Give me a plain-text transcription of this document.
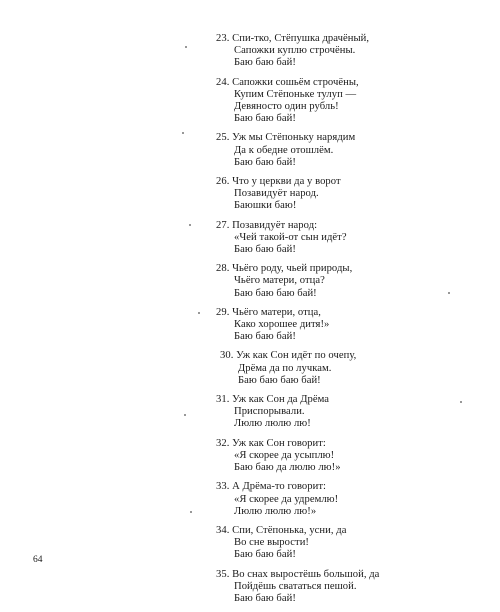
23. Спи-тко, Стёпушка драчёный,
Сапожки куплю строчёны.
Баю баю бай!
24. Сапожки сошьём строчёны,
Купим Стёпоньке тулуп —
Девяносто один рубль!
Баю баю бай!
25. Уж мы Стёпоньку нарядим
Да к обедне отошлём.
Баю баю бай!
26. Что у церкви да у ворот
Позавидуёт народ.
Баюшки баю!
27. Позавидуёт народ:
«Чей такой-от сын идёт?
Баю баю бай!
28. Чьёго роду, чьей природы,
Чьёго матери, отца?
Баю баю баю бай!
29. Чьёго матери, отца,
Како хорошее дитя!»
Баю баю бай!
30. Уж как Сон идёт по очепу,
Дрёма да по лучкам.
Баю баю баю бай!
31. Уж как Сон да Дрёма
Приспорывали.
Люлю люлю лю!
32. Уж как Сон говорит:
«Я скорее да усыплю!
Баю баю да люлю лю!»
33. А Дрёма-то говорит:
«Я скорее да удремлю!
Люлю люлю лю!»
34. Спи, Стёпонька, усни, да
Во сне вырости!
Баю баю бай!
35. Во снах выростёшь большой, да
Пойдёшь свататься пешой.
Баю баю бай!
64
